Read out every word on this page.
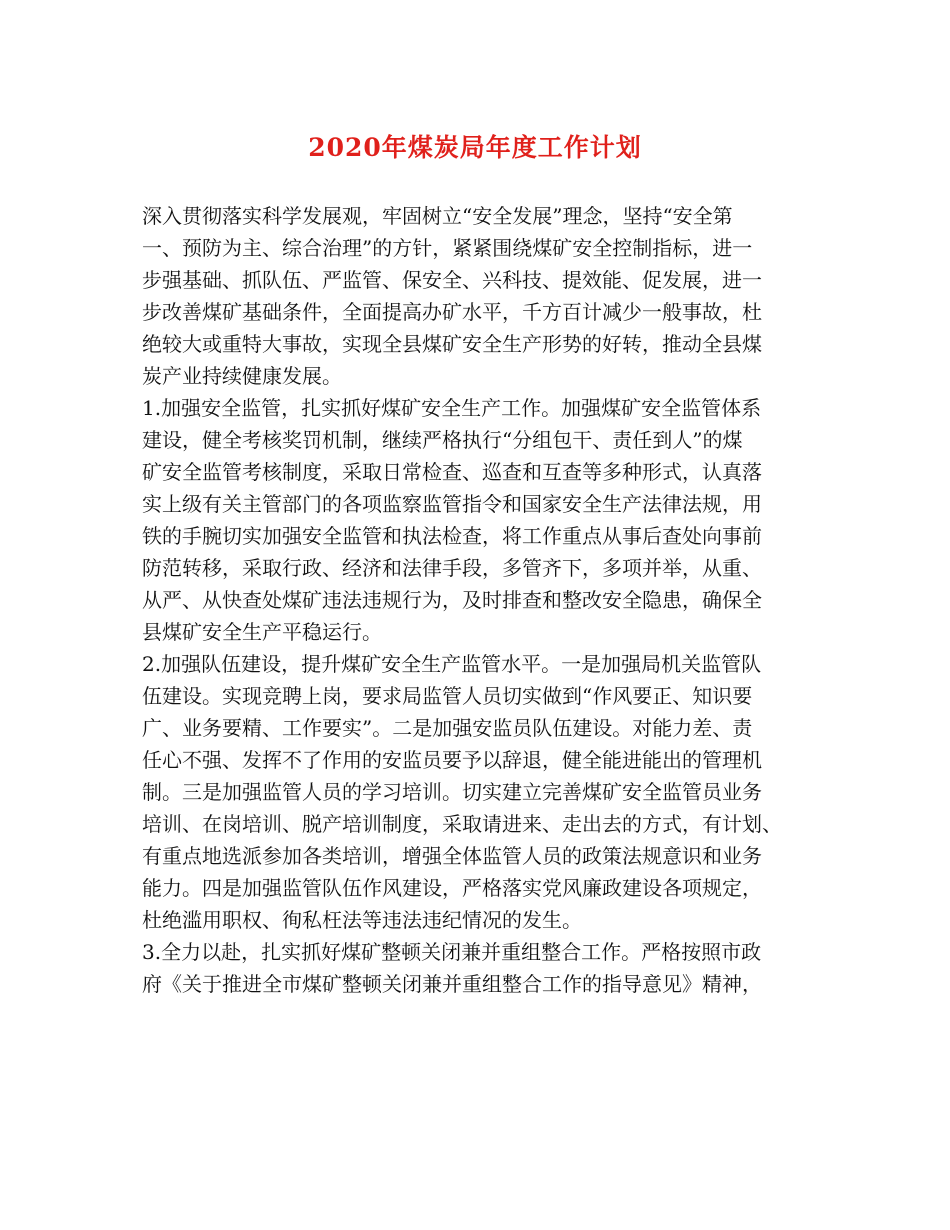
2020年煤炭局年度工作计划
深入贯彻落实科学发展观，牢固树立“安全发展”理念，坚持“安全第
一、预防为主、综合治理”的方针，紧紧围绕煤矿安全控制指标，进一
步强基础、抓队伍、严监管、保安全、兴科技、提效能、促发展，进一
步改善煤矿基础条件，全面提高办矿水平，千方百计减少一般事故，杜
绝较大或重特大事故，实现全县煤矿安全生产形势的好转，推动全县煤
炭产业持续健康发展。
1.加强安全监管，扎实抓好煤矿安全生产工作。加强煤矿安全监管体系
建设，健全考核奖罚机制，继续严格执行“分组包干、责任到人”的煤
矿安全监管考核制度，采取日常检查、巡查和互查等多种形式，认真落
实上级有关主管部门的各项监察监管指令和国家安全生产法律法规，用
铁的手腕切实加强安全监管和执法检查，将工作重点从事后查处向事前
防范转移，采取行政、经济和法律手段，多管齐下，多项并举，从重、
从严、从快查处煤矿违法违规行为，及时排查和整改安全隐患，确保全
县煤矿安全生产平稳运行。
2.加强队伍建设，提升煤矿安全生产监管水平。一是加强局机关监管队
伍建设。实现竞聘上岗，要求局监管人员切实做到“作风要正、知识要
广、业务要精、工作要实”。二是加强安监员队伍建设。对能力差、责
任心不强、发挥不了作用的安监员要予以辞退，健全能进能出的管理机
制。三是加强监管人员的学习培训。切实建立完善煤矿安全监管员业务
培训、在岗培训、脱产培训制度，采取请进来、走出去的方式，有计划、
有重点地选派参加各类培训，增强全体监管人员的政策法规意识和业务
能力。四是加强监管队伍作风建设，严格落实党风廉政建设各项规定，
杜绝滥用职权、徇私枉法等违法违纪情况的发生。
3.全力以赴，扎实抓好煤矿整顿关闭兼并重组整合工作。严格按照市政
府《关于推进全市煤矿整顿关闭兼并重组整合工作的指导意见》精神，
